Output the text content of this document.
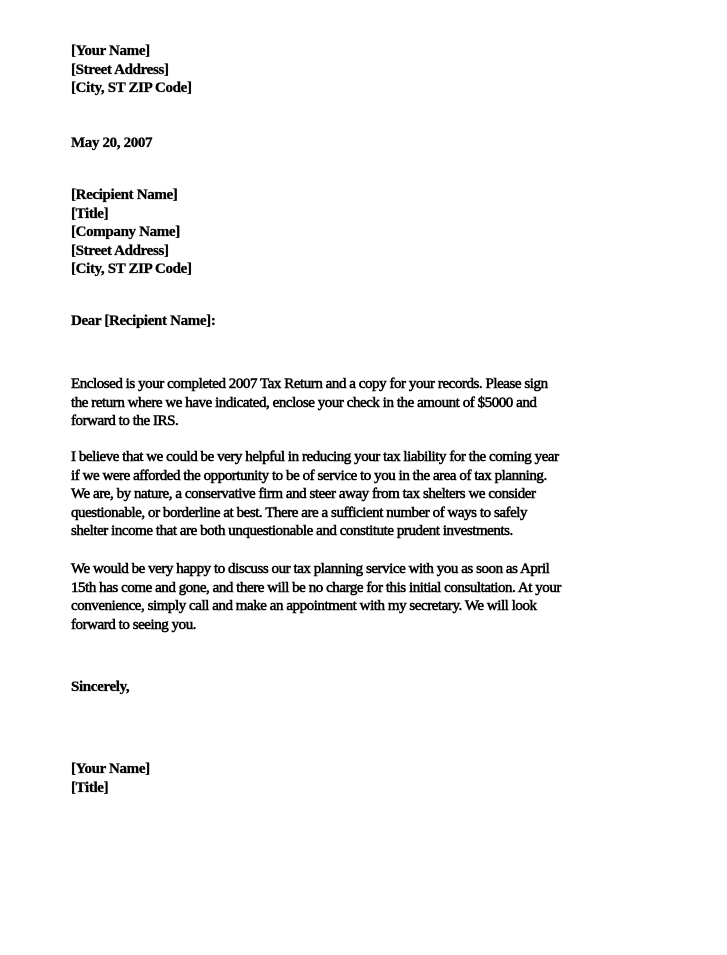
[Your Name]
[Street Address]
[City, ST ZIP Code]
May 20, 2007
[Recipient Name]
[Title]
[Company Name]
[Street Address]
[City, ST ZIP Code]
Dear [Recipient Name]:
Enclosed is your completed 2007 Tax Return and a copy for your records. Please sign
the return where we have indicated, enclose your check in the amount of $5000 and
forward to the IRS.
I believe that we could be very helpful in reducing your tax liability for the coming year
if we were afforded the opportunity to be of service to you in the area of tax planning.
We are, by nature, a conservative firm and steer away from tax shelters we consider
questionable, or borderline at best. There are a sufficient number of ways to safely
shelter income that are both unquestionable and constitute prudent investments.
We would be very happy to discuss our tax planning service with you as soon as April
15th has come and gone, and there will be no charge for this initial consultation. At your
convenience, simply call and make an appointment with my secretary. We will look
forward to seeing you.
Sincerely,
[Your Name]
[Title]
